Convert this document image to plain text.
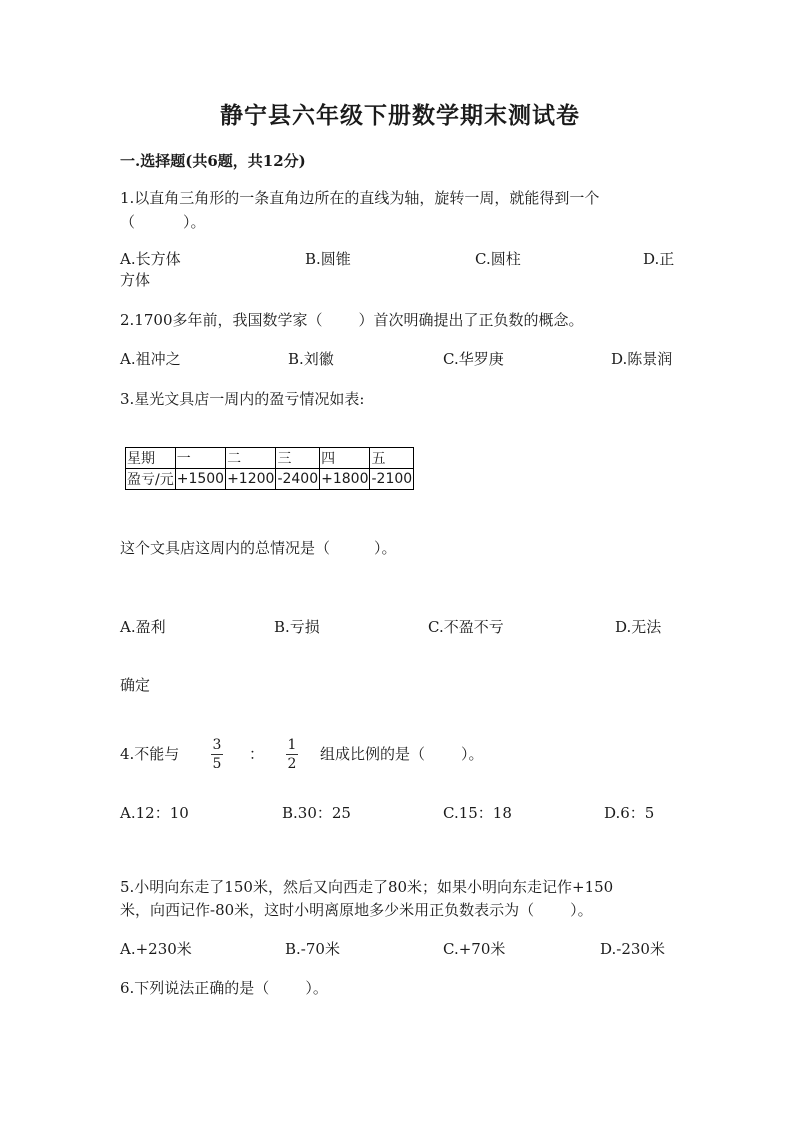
静宁县六年级下册数学期末测试卷
一.选择题(共6题，共12分)
1.以直角三角形的一条直角边所在的直线为轴，旋转一周，就能得到一个
（	）。
A.长方体	B.圆锥	C.圆柱	D.正
方体
2.1700多年前，我国数学家（ ）首次明确提出了正负数的概念。
A.祖冲之	B.刘徽	C.华罗庚	D.陈景润
3.星光文具店一周内的盈亏情况如表:
星期	一	二	三	四	五
盈亏/元	+1500	+1200	-2400	+1800	-2100
这个文具店这周内的总情况是（	）。
A.盈利	B.亏损	C.不盈不亏	D.无法
确定
4.不能与	3
5
：	1
2
组成比例的是（ ）。
A.12：10	B.30：25	C.15：18	D.6：5
5.小明向东走了150米，然后又向西走了80米；如果小明向东走记作+150
米，向西记作-80米，这时小明离原地多少米用正负数表示为（ ）。
A.+230米	B.-70米	C.+70米	D.-230米
6.下列说法正确的是（ ）。
